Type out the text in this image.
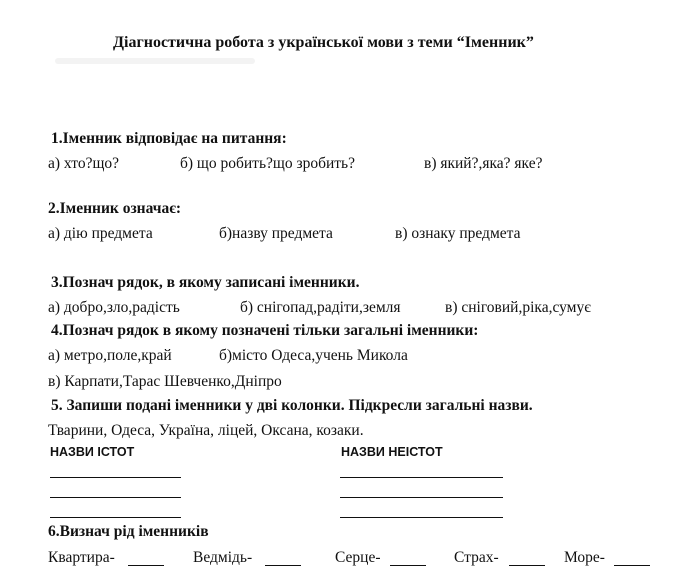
Діагностична робота з української мови з теми “Іменник”
1.Іменник відповідає на питання:
а) хто?що?	б) що робить?що зробить?	в) який?,яка? яке?
2.Іменник означає:
а) дію предмета	б)назву предмета	в) ознаку предмета
3.Познач рядок, в якому записані іменники.
а) добро,зло,радість	б) снігопад,радіти,земля	в) сніговий,ріка,сумує
4.Познач рядок в якому позначені тільки загальні іменники:
а) метро,поле,край	б)місто Одеса,учень Микола
в) Карпати,Тарас Шевченко,Дніпро
5. Запиши подані іменники у дві колонки. Підкресли загальні назви.
Тварини, Одеса, Україна, ліцей, Оксана, козаки.
НАЗВИ ІСТОТ	НАЗВИ НЕІСТОТ
6.Визнач рід іменників
Квартира-	Ведмідь-	Серце-	Страх-	Море-
